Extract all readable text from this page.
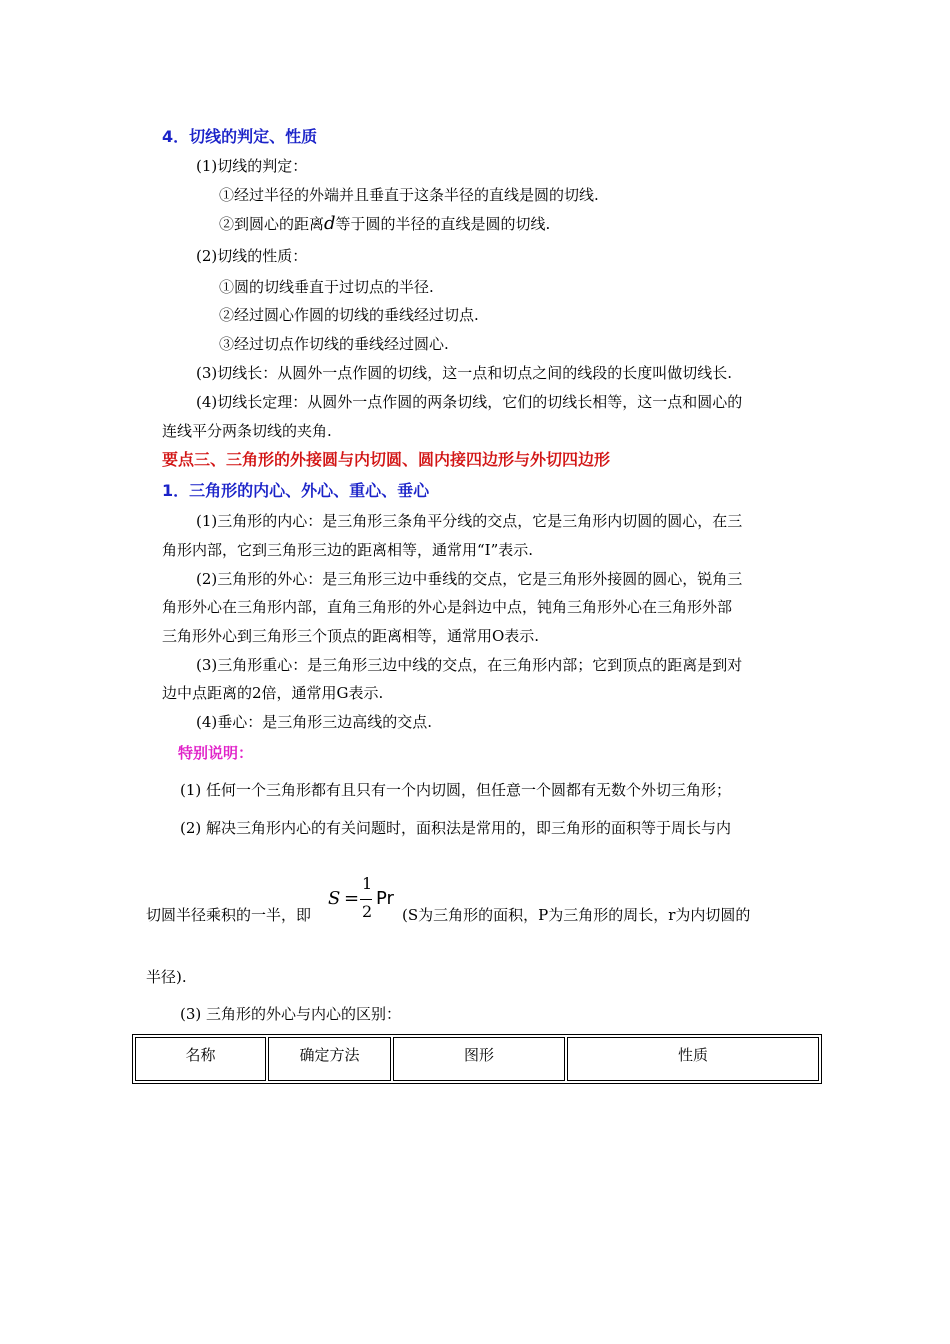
4．切线的判定、性质
(1)切线的判定：
①经过半径的外端并且垂直于这条半径的直线是圆的切线.
②到圆心的距离d等于圆的半径的直线是圆的切线.
(2)切线的性质：
①圆的切线垂直于过切点的半径.
②经过圆心作圆的切线的垂线经过切点.
③经过切点作切线的垂线经过圆心.
(3)切线长：从圆外一点作圆的切线，这一点和切点之间的线段的长度叫做切线长.
(4)切线长定理：从圆外一点作圆的两条切线，它们的切线长相等，这一点和圆心的
连线平分两条切线的夹角.
要点三、三角形的外接圆与内切圆、圆内接四边形与外切四边形
1．三角形的内心、外心、重心、垂心
(1)三角形的内心：是三角形三条角平分线的交点，它是三角形内切圆的圆心，在三
角形内部，它到三角形三边的距离相等，通常用“I”表示.
(2)三角形的外心：是三角形三边中垂线的交点，它是三角形外接圆的圆心，锐角三
角形外心在三角形内部，直角三角形的外心是斜边中点，钝角三角形外心在三角形外部
三角形外心到三角形三个顶点的距离相等，通常用O表示.
(3)三角形重心：是三角形三边中线的交点，在三角形内部；它到顶点的距离是到对
边中点距离的2倍，通常用G表示.
(4)垂心：是三角形三边高线的交点.
特别说明：
(1) 任何一个三角形都有且只有一个内切圆，但任意一个圆都有无数个外切三角形；
(2) 解决三角形内心的有关问题时，面积法是常用的，即三角形的面积等于周长与内
切圆半径乘积的一半，即
S =
1
2
Pr
(S为三角形的面积，P为三角形的周长，r为内切圆的
半径).
(3) 三角形的外心与内心的区别：
名称	确定方法	图形	性质
